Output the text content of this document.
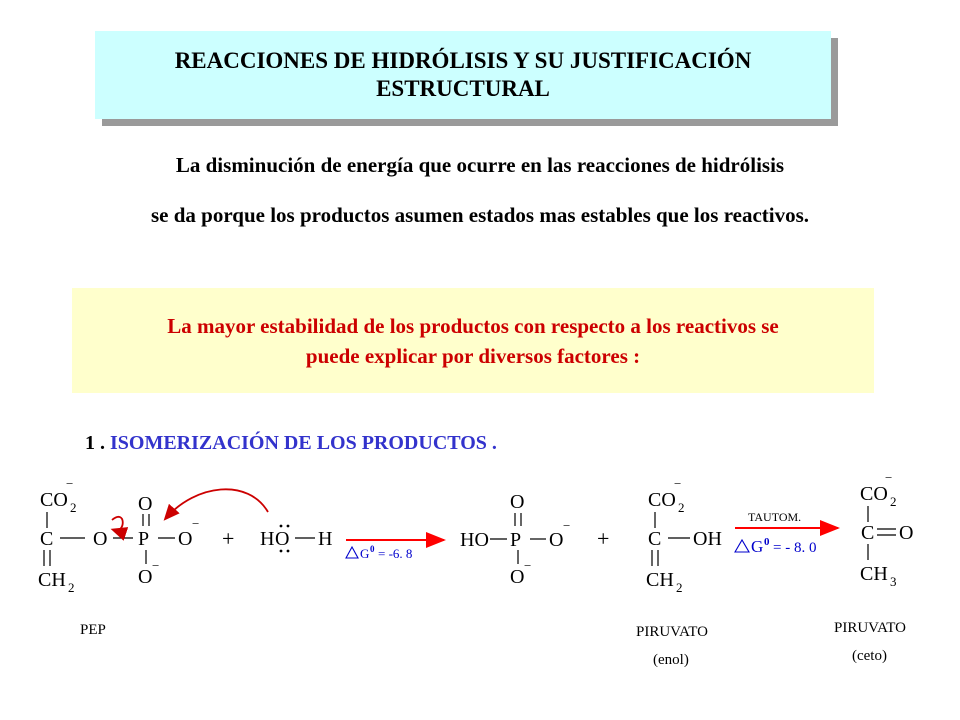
REACCIONES DE HIDRÓLISIS Y SU JUSTIFICACIÓN
ESTRUCTURAL
La disminución de energía que ocurre en las reacciones de hidrólisis
se da porque los productos asumen estados mas estables que los reactivos.
La mayor estabilidad de los productos con respecto a los reactivos se
puede explicar por diversos factores :
1 . ISOMERIZACIÓN DE LOS PRODUCTOS .
CO 2
−
C O P O
−
O
O
−
CH 2
PEP
+ H O H
G 0 = -6. 8
HO P O
−
O
O
−
+
CO 2
−
C OH
CH 2
PIRUVATO
(enol)
TAUTOM.
G 0 = - 8. 0
CO 2
−
C O
CH 3
PIRUVATO
(ceto)
